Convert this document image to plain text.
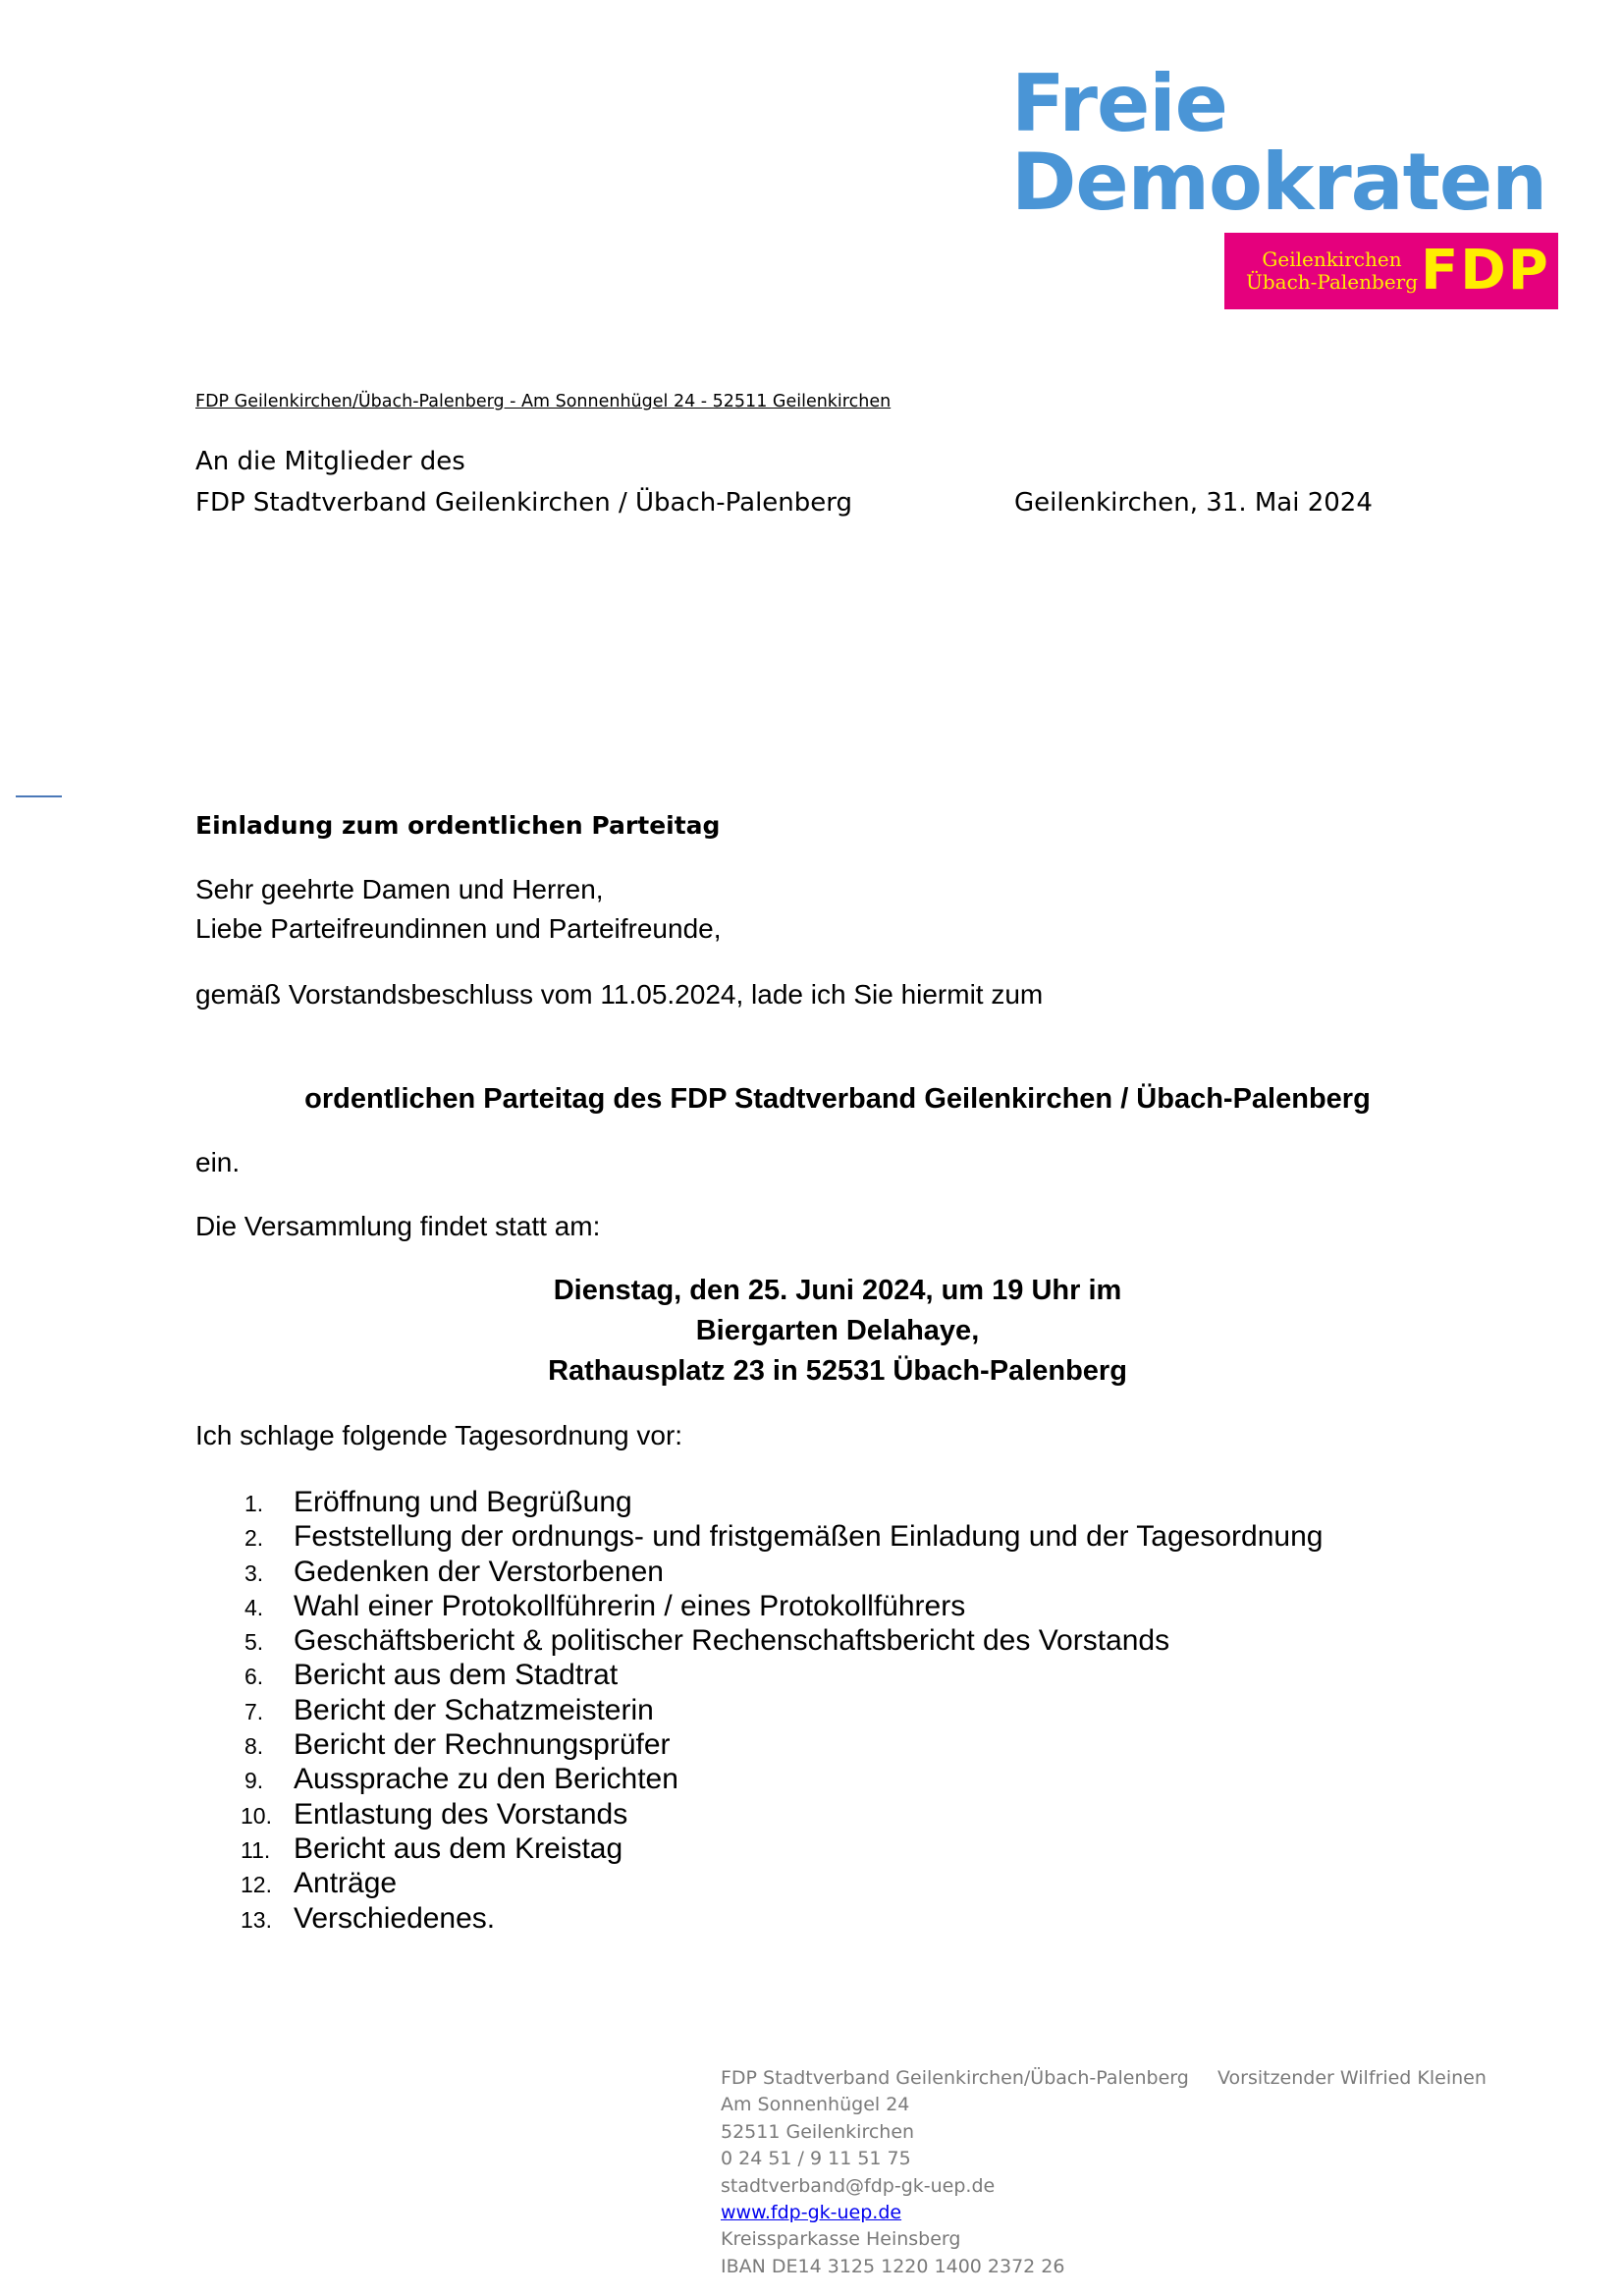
Freie
Demokraten
Geilenkirchen
Übach-Palenberg FDP
FDP Geilenkirchen/Übach-Palenberg - Am Sonnenhügel 24 - 52511 Geilenkirchen
An die Mitglieder des
FDP Stadtverband Geilenkirchen / Übach-Palenberg	Geilenkirchen, 31. Mai 2024
Einladung zum ordentlichen Parteitag
Sehr geehrte Damen und Herren,
Liebe Parteifreundinnen und Parteifreunde,
gemäß Vorstandsbeschluss vom 11.05.2024, lade ich Sie hiermit zum
ordentlichen Parteitag des FDP Stadtverband Geilenkirchen / Übach-Palenberg
ein.
Die Versammlung findet statt am:
Dienstag, den 25. Juni 2024, um 19 Uhr im
Biergarten Delahaye,
Rathausplatz 23 in 52531 Übach-Palenberg
Ich schlage folgende Tagesordnung vor:
1. Eröffnung und Begrüßung
2. Feststellung der ordnungs- und fristgemäßen Einladung und der Tagesordnung
3. Gedenken der Verstorbenen
4. Wahl einer Protokollführerin / eines Protokollführers
5. Geschäftsbericht & politischer Rechenschaftsbericht des Vorstands
6. Bericht aus dem Stadtrat
7. Bericht der Schatzmeisterin
8. Bericht der Rechnungsprüfer
9. Aussprache zu den Berichten
10. Entlastung des Vorstands
11. Bericht aus dem Kreistag
12. Anträge
13. Verschiedenes.
FDP Stadtverband Geilenkirchen/Übach-Palenberg
Am Sonnenhügel 24
52511 Geilenkirchen
0 24 51 / 9 11 51 75
stadtverband@fdp-gk-uep.de
www.fdp-gk-uep.de
Kreissparkasse Heinsberg
IBAN DE14 3125 1220 1400 2372 26
Vorsitzender Wilfried Kleinen
